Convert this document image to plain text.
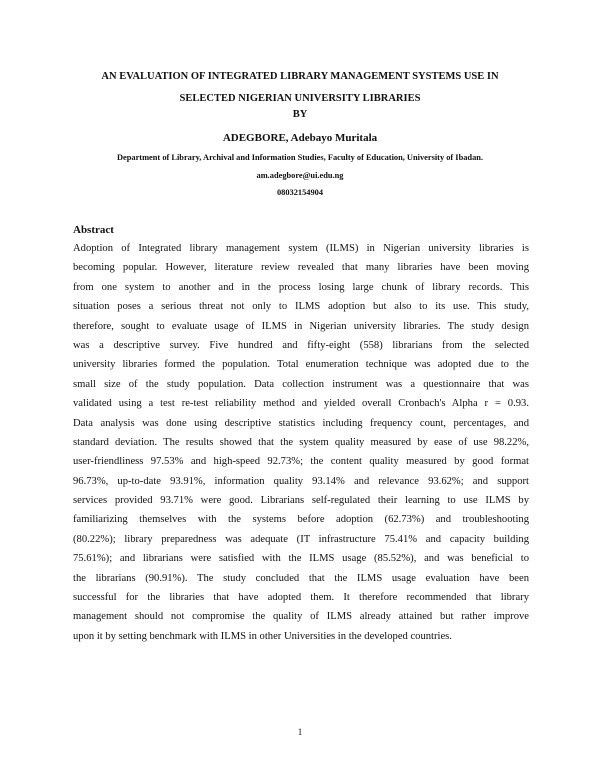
AN EVALUATION OF INTEGRATED LIBRARY MANAGEMENT SYSTEMS USE IN
SELECTED NIGERIAN UNIVERSITY LIBRARIES
BY
ADEGBORE, Adebayo Muritala
Department of Library, Archival and Information Studies, Faculty of Education, University of Ibadan.
am.adegbore@ui.edu.ng
08032154904
Abstract
Adoption of Integrated library management system (ILMS) in Nigerian university libraries is
becoming popular. However, literature review revealed that many libraries have been moving
from one system to another and in the process losing large chunk of library records. This
situation poses a serious threat not only to ILMS adoption but also to its use. This study,
therefore, sought to evaluate usage of ILMS in Nigerian university libraries. The study design
was a descriptive survey. Five hundred and fifty-eight (558) librarians from the selected
university libraries formed the population. Total enumeration technique was adopted due to the
small size of the study population. Data collection instrument was a questionnaire that was
validated using a test re-test reliability method and yielded overall Cronbach's Alpha r = 0.93.
Data analysis was done using descriptive statistics including frequency count, percentages, and
standard deviation. The results showed that the system quality measured by ease of use 98.22%,
user-friendliness 97.53% and high-speed 92.73%; the content quality measured by good format
96.73%, up-to-date 93.91%, information quality 93.14% and relevance 93.62%; and support
services provided 93.71% were good. Librarians self-regulated their learning to use ILMS by
familiarizing themselves with the systems before adoption (62.73%) and troubleshooting
(80.22%); library preparedness was adequate (IT infrastructure 75.41% and capacity building
75.61%); and librarians were satisfied with the ILMS usage (85.52%), and was beneficial to
the librarians (90.91%). The study concluded that the ILMS usage evaluation have been
successful for the libraries that have adopted them. It therefore recommended that library
management should not compromise the quality of ILMS already attained but rather improve
upon it by setting benchmark with ILMS in other Universities in the developed countries.
1
